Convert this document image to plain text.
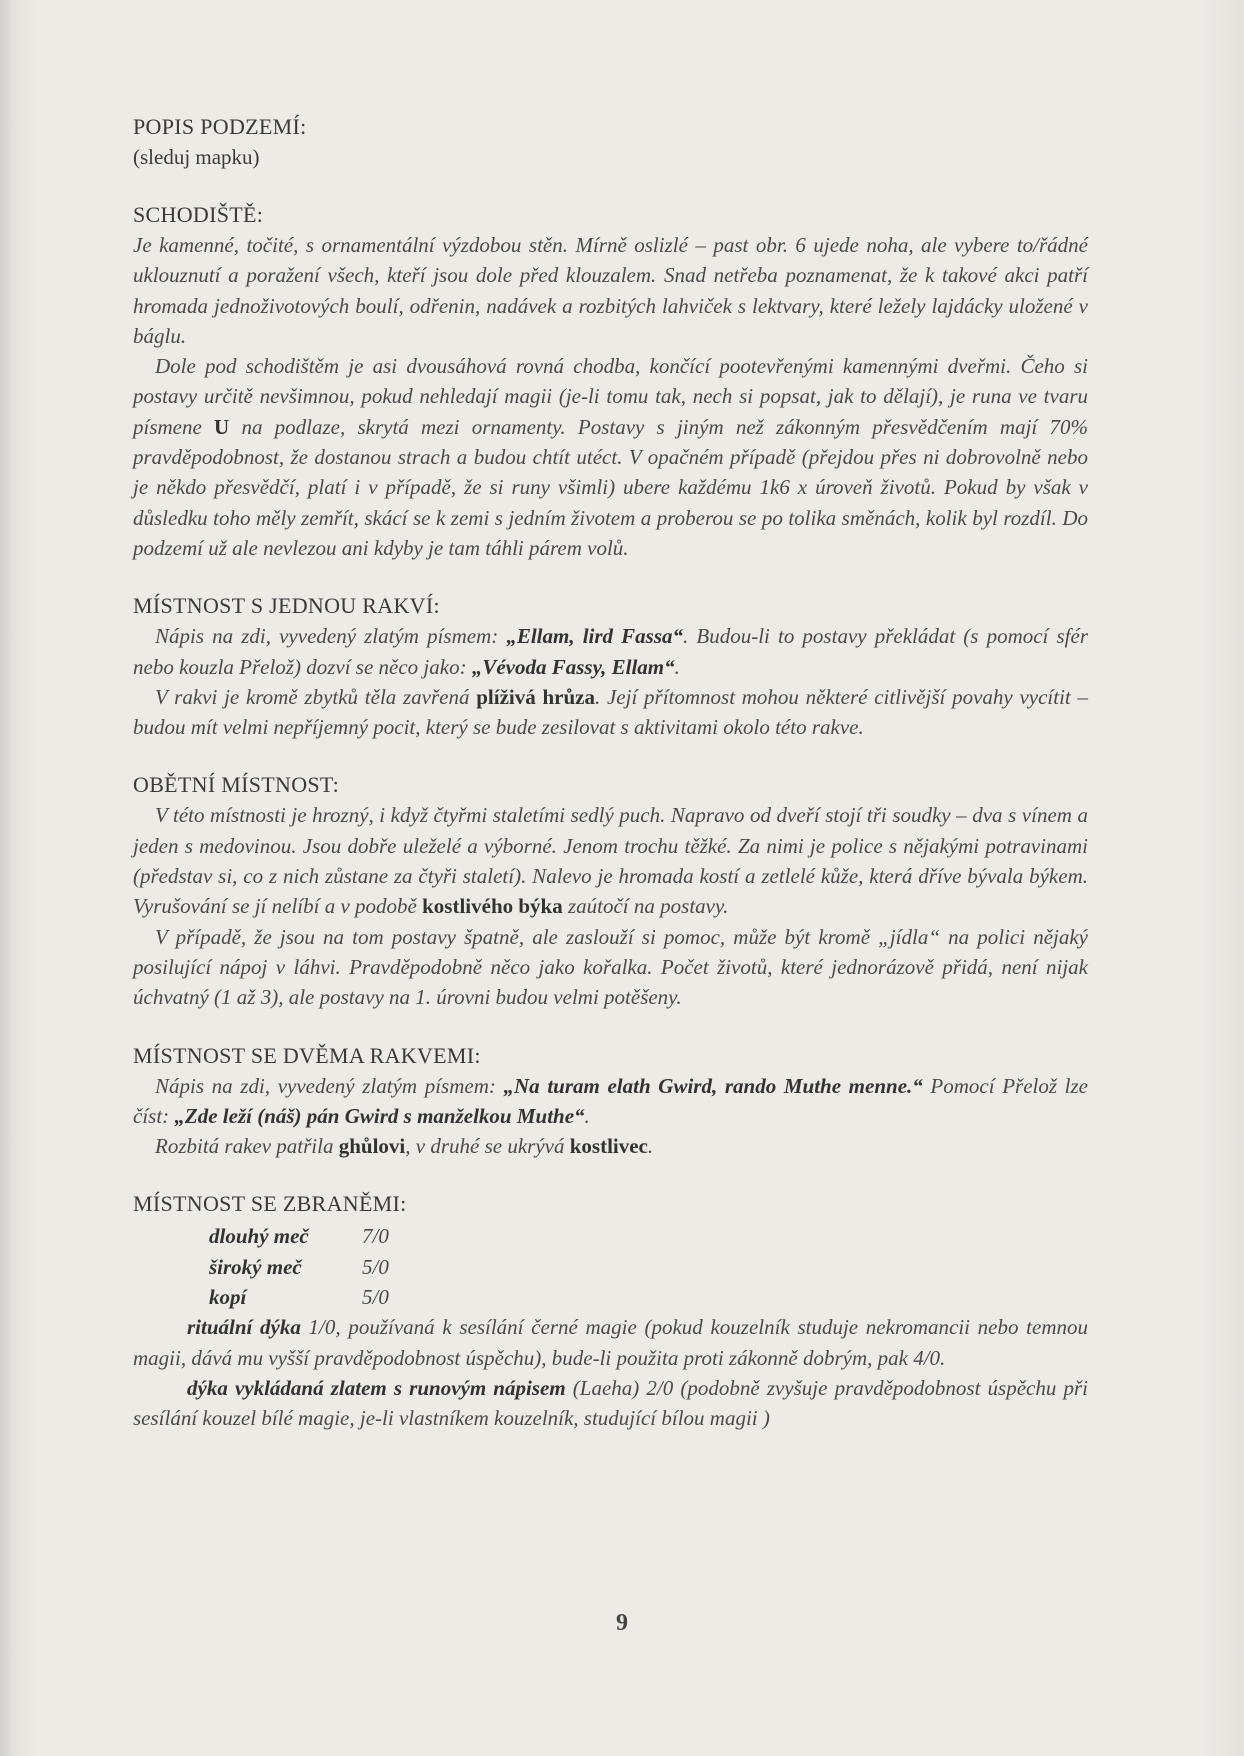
POPIS PODZEMÍ:
(sleduj mapku)
SCHODIŠTĚ:

Je kamenné, točité, s ornamentální výzdobou stěn. Mírně oslizlé – past obr. 6 ujede noha, ale vybere to/řádné uklouznutí a poražení všech, kteří jsou dole před klouzalem. Snad netřeba poznamenat, že k takové akci patří hromada jednoživotových boulí, odřenin, nadávek a rozbitých lahviček s lektvary, které ležely lajdácky uložené v báglu.

Dole pod schodištěm je asi dvousáhová rovná chodba, končící pootevřenými kamennými dveřmi. Čeho si postavy určitě nevšimnou, pokud nehledají magii (je-li tomu tak, nech si popsat, jak to dělají), je runa ve tvaru písmene U na podlaze, skrytá mezi ornamenty. Postavy s jiným než zákonným přesvědčením mají 70% pravděpodobnost, že dostanou strach a budou chtít utéct. V opačném případě (přejdou přes ni dobrovolně nebo je někdo přesvědčí, platí i v případě, že si runy všimli) ubere každému 1k6 x úroveň životů. Pokud by však v důsledku toho měly zemřít, skácí se k zemi s jedním životem a proberou se po tolika směnách, kolik byl rozdíl. Do podzemí už ale nevlezou ani kdyby je tam táhli párem volů.

MÍSTNOST S JEDNOU RAKVÍ:

Nápis na zdi, vyvedený zlatým písmem: „Ellam, lird Fassa“. Budou-li to postavy překládat (s pomocí sfér nebo kouzla Přelož) dozví se něco jako: „Vévoda Fassy, Ellam“.

V rakvi je kromě zbytků těla zavřená plíživá hrůza. Její přítomnost mohou některé citlivější povahy vycítit – budou mít velmi nepříjemný pocit, který se bude zesilovat s aktivitami okolo této rakve.

OBĚTNÍ MÍSTNOST:

V této místnosti je hrozný, i když čtyřmi staletími sedlý puch. Napravo od dveří stojí tři soudky – dva s vínem a jeden s medovinou. Jsou dobře uleželé a výborné. Jenom trochu těžké. Za nimi je police s nějakými potravinami (představ si, co z nich zůstane za čtyři staletí). Nalevo je hromada kostí a zetlelé kůže, která dříve bývala býkem. Vyrušování se jí nelíbí a v podobě kostlivého býka zaútočí na postavy.

V případě, že jsou na tom postavy špatně, ale zaslouží si pomoc, může být kromě „jídla“ na polici nějaký posilující nápoj v láhvi. Pravděpodobně něco jako kořalka. Počet životů, které jednorázově přidá, není nijak úchvatný (1 až 3), ale postavy na 1. úrovni budou velmi potěšeny.

MÍSTNOST SE DVĚMA RAKVEMI:

Nápis na zdi, vyvedený zlatým písmem: „Na turam elath Gwird, rando Muthe menne.“ Pomocí Přelož lze číst: „Zde leží (náš) pán Gwird s manželkou Muthe“.

Rozbitá rakev patřila ghůlovi, v druhé se ukrývá kostlivec.

MÍSTNOST SE ZBRANĚMI:
dlouhý meč	7/0
široký meč	5/0
kopí	5/0

rituální dýka 1/0, používaná k sesílání černé magie (pokud kouzelník studuje nekromancii nebo temnou magii, dává mu vyšší pravděpodobnost úspěchu), bude-li použita proti zákonně dobrým, pak 4/0.

dýka vykládaná zlatem s runovým nápisem (Laeha) 2/0 (podobně zvyšuje pravděpodobnost úspěchu při sesílání kouzel bílé magie, je-li vlastníkem kouzelník, studující bílou magii )

9
